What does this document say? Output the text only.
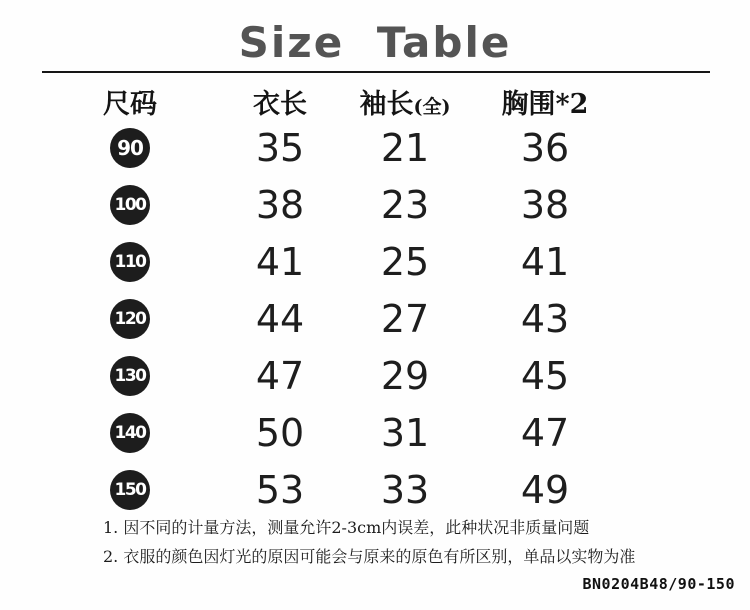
Size Table
尺码	衣长	袖长(全)	胸围*2
90	35	21	36
100	38	23	38
110	41	25	41
120	44	27	43
130	47	29	45
140	50	31	47
150	53	33	49
1. 因不同的计量方法，测量允许2-3cm内误差，此种状况非质量问题
2. 衣服的颜色因灯光的原因可能会与原来的原色有所区别，单品以实物为准
BN0204B48/90-150
